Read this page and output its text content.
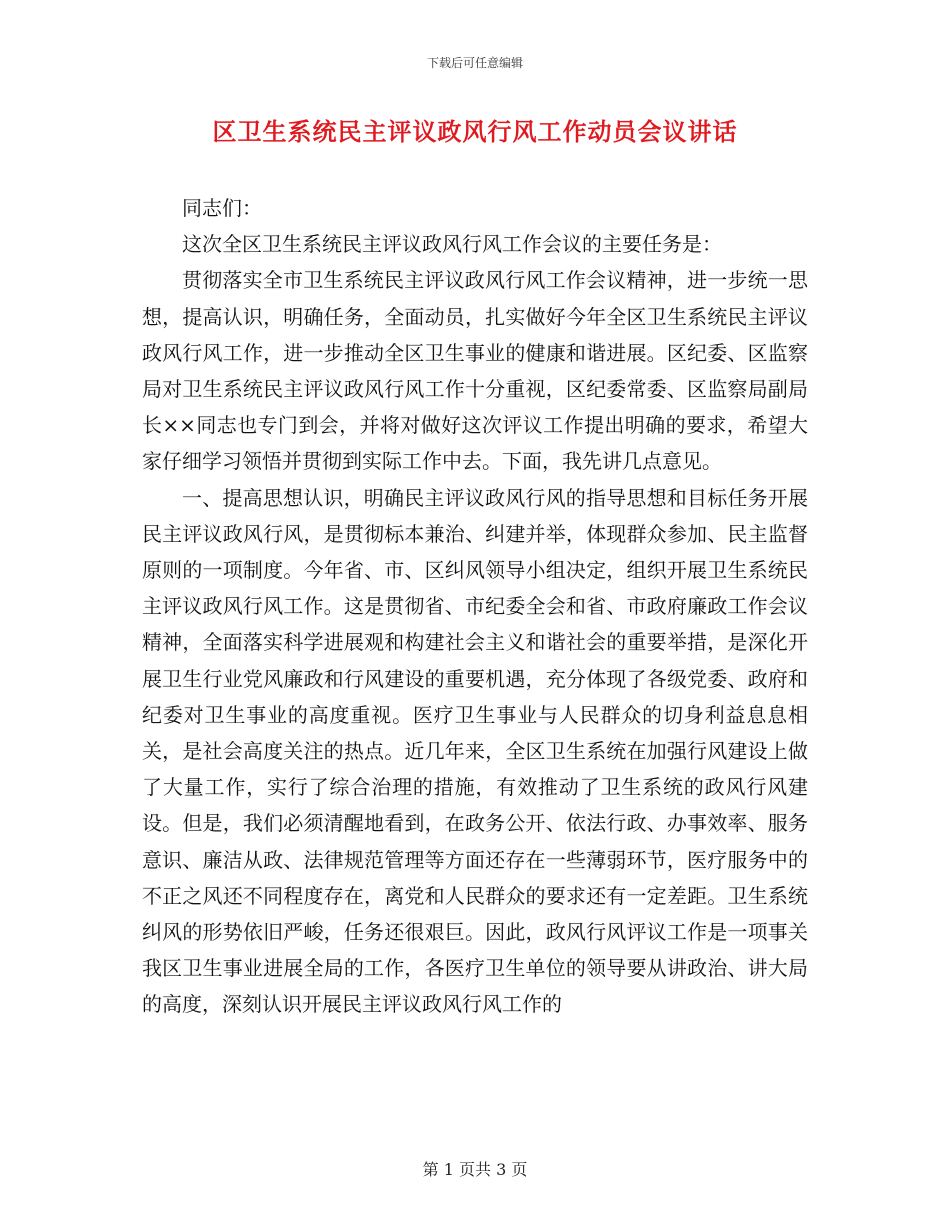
下载后可任意编辑
区卫生系统民主评议政风行风工作动员会议讲话

同志们：

这次全区卫生系统民主评议政风行风工作会议的主要任务是：

贯彻落实全市卫生系统民主评议政风行风工作会议精神，进一步统一思想，提高认识，明确任务，全面动员，扎实做好今年全区卫生系统民主评议政风行风工作，进一步推动全区卫生事业的健康和谐进展。区纪委、区监察局对卫生系统民主评议政风行风工作十分重视，区纪委常委、区监察局副局长××同志也专门到会，并将对做好这次评议工作提出明确的要求，希望大家仔细学习领悟并贯彻到实际工作中去。下面，我先讲几点意见。

一、提高思想认识，明确民主评议政风行风的指导思想和目标任务开展民主评议政风行风，是贯彻标本兼治、纠建并举，体现群众参加、民主监督原则的一项制度。今年省、市、区纠风领导小组决定，组织开展卫生系统民主评议政风行风工作。这是贯彻省、市纪委全会和省、市政府廉政工作会议精神，全面落实科学进展观和构建社会主义和谐社会的重要举措，是深化开展卫生行业党风廉政和行风建设的重要机遇，充分体现了各级党委、政府和纪委对卫生事业的高度重视。医疗卫生事业与人民群众的切身利益息息相关，是社会高度关注的热点。近几年来，全区卫生系统在加强行风建设上做了大量工作，实行了综合治理的措施，有效推动了卫生系统的政风行风建设。但是，我们必须清醒地看到，在政务公开、依法行政、办事效率、服务意识、廉洁从政、法律规范管理等方面还存在一些薄弱环节，医疗服务中的不正之风还不同程度存在，离党和人民群众的要求还有一定差距。卫生系统纠风的形势依旧严峻，任务还很艰巨。因此，政风行风评议工作是一项事关我区卫生事业进展全局的工作，各医疗卫生单位的领导要从讲政治、讲大局的高度，深刻认识开展民主评议政风行风工作的

第 1 页共 3 页
